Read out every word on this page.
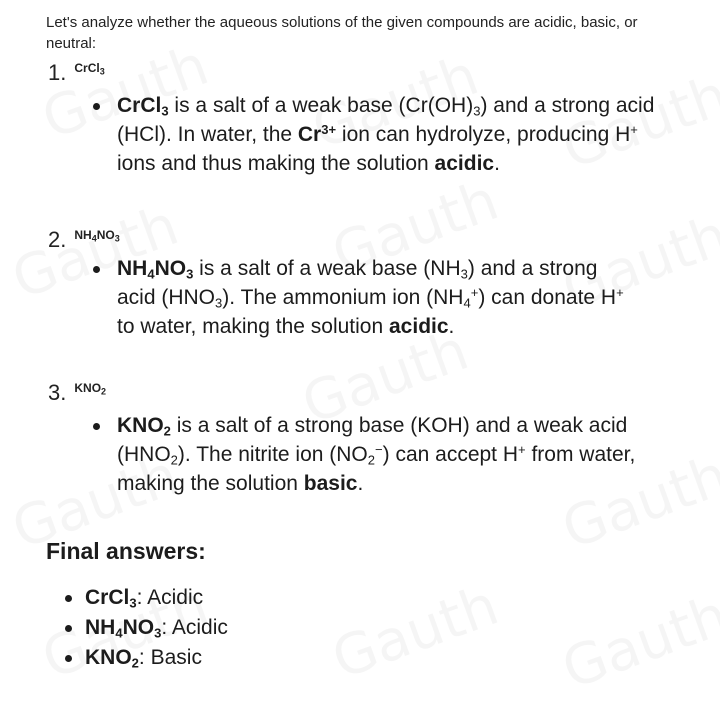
Let's analyze whether the aqueous solutions of the given compounds are acidic, basic, or neutral:
1. CrCl$_3$

CrCl$_3$ is a salt of a weak base $(Cr(OH)_3)$ and a strong acid (HCl). In water, the $Cr^{3+}$ ion can hydrolyze, producing H+ ions and thus making the solution acidic.

2. $NH_4NO_3$

$NH_4NO_3$ is a salt of a weak base $(NH_3)$ and a strong acid $(HNO_3)$. The ammonium ion $(NH_4^+)$ can donate H+ to water, making the solution acidic.

3. $KNO_2$

$KNO_2$ is a salt of a strong base (KOH) and a weak acid $(HNO_2)$. The nitrite ion $(NO_2^-)$ can accept H+ from water, making the solution basic.

Final answers:
CrCl$_3$: Acidic
$NH_4NO_3$: Acidic
$KNO_2$: Basic
